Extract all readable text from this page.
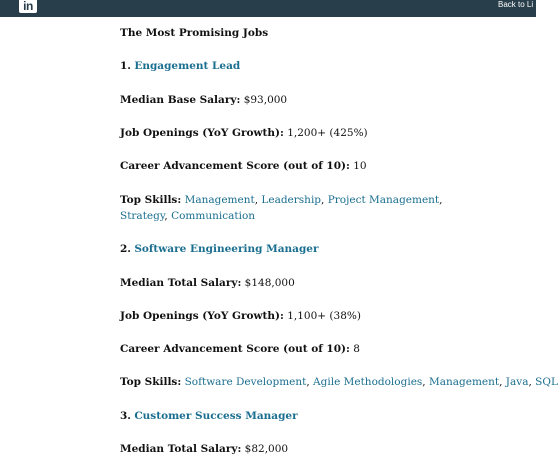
in	Back to Li
The Most Promising Jobs
1. Engagement Lead
Median Base Salary: $93,000
Job Openings (YoY Growth): 1,200+ (425%)
Career Advancement Score (out of 10): 10
Top Skills: Management, Leadership, Project Management, Strategy, Communication
2. Software Engineering Manager
Median Total Salary: $148,000
Job Openings (YoY Growth): 1,100+ (38%)
Career Advancement Score (out of 10): 8
Top Skills: Software Development, Agile Methodologies, Management, Java, SQL
3. Customer Success Manager
Median Total Salary: $82,000
